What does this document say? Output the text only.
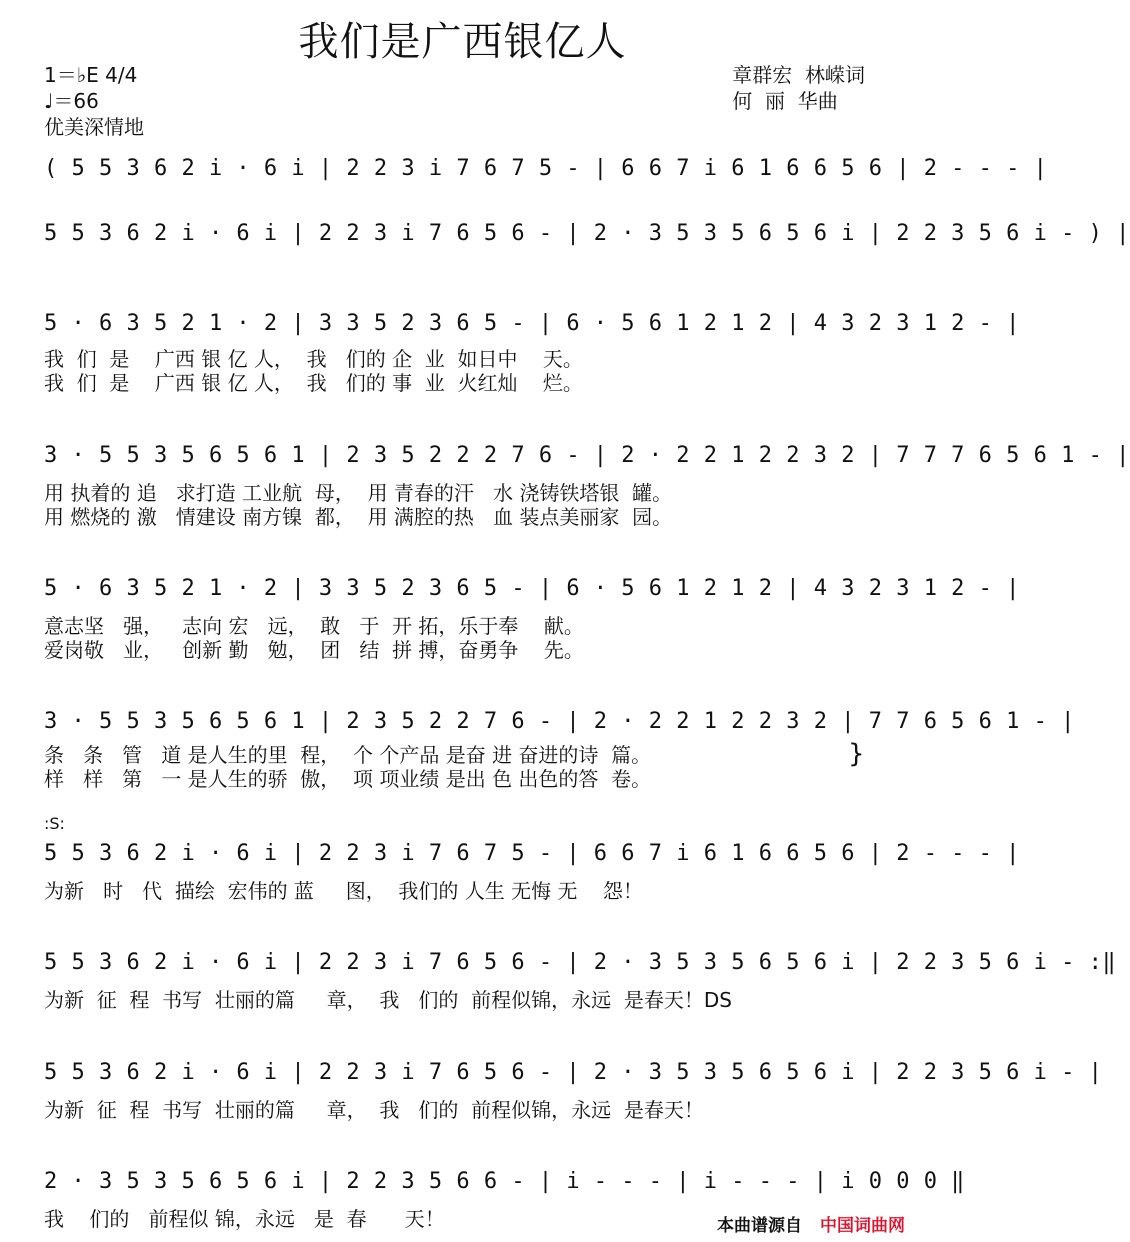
我们是广西银亿人
1＝♭E 4/4
♩＝66
优美深情地
章群宏  林嵘词
何  丽  华曲
( 5 5 3 6 2 i · 6 i | 2 2 3 i 7 6 7 5 - | 6 6 7 i 6 1 6 6 5 6 | 2 - - - |
5 5 3 6 2 i · 6 i | 2 2 3 i 7 6 5 6 - | 2 · 3 5 3 5 6 5 6 i | 2 2 3 5 6 i - ) |
5 · 6 3 5 2 1 · 2 | 3 3 5 2 3 6 5 - | 6 · 5 6 1 2 1 2 | 4 3 2 3 1 2 - |
我  们  是    广西 银 亿 人，  我   们的 企  业  如日中    天。
我  们  是    广西 银 亿 人，  我   们的 事  业  火红灿    烂。
3 · 5 5 3 5 6 5 6 1 | 2 3 5 2 2 2 7 6 - | 2 · 2 2 1 2 2 3 2 | 7 7 7 6 5 6 1 - |
用 执着的 追   求打造 工业航  母，  用 青春的汗   水 浇铸铁塔银  罐。
用 燃烧的 激   情建设 南方镍  都，  用 满腔的热   血 装点美丽家  园。
5 · 6 3 5 2 1 · 2 | 3 3 5 2 3 6 5 - | 6 · 5 6 1 2 1 2 | 4 3 2 3 1 2 - |
意志坚   强，   志向 宏   远，  敢   于  开 拓，乐于奉    献。
爱岗敬   业，   创新 勤   勉，  团   结  拼 搏，奋勇争    先。
3 · 5 5 3 5 6 5 6 1 | 2 3 5 2 2 7 6 - | 2 · 2 2 1 2 2 3 2 | 7 7 6 5 6 1 - |
条   条   管   道 是人生的里  程，  个 个产品 是奋 进 奋进的诗  篇。
样   样   第   一 是人生的骄  傲，  项 项业绩 是出 色 出色的答  卷。
}
:S:
5 5 3 6 2 i · 6 i | 2 2 3 i 7 6 7 5 - | 6 6 7 i 6 1 6 6 5 6 | 2 - - - |
为新   时   代  描绘  宏伟的 蓝     图，  我们的 人生 无悔 无    怨！
5 5 3 6 2 i · 6 i | 2 2 3 i 7 6 5 6 - | 2 · 3 5 3 5 6 5 6 i | 2 2 3 5 6 i - :‖
为新  征  程  书写  壮丽的篇     章，  我   们的  前程似锦，永远  是春天！DS
5 5 3 6 2 i · 6 i | 2 2 3 i 7 6 5 6 - | 2 · 3 5 3 5 6 5 6 i | 2 2 3 5 6 i - |
为新  征  程  书写  壮丽的篇     章，  我   们的  前程似锦，永远  是春天！
2 · 3 5 3 5 6 5 6 i | 2 2 3 5 6 6 - | i - - - | i - - - | i 0 0 0 ‖
我    们的   前程似 锦，永远   是  春      天！	本曲谱源自 中国词曲网
